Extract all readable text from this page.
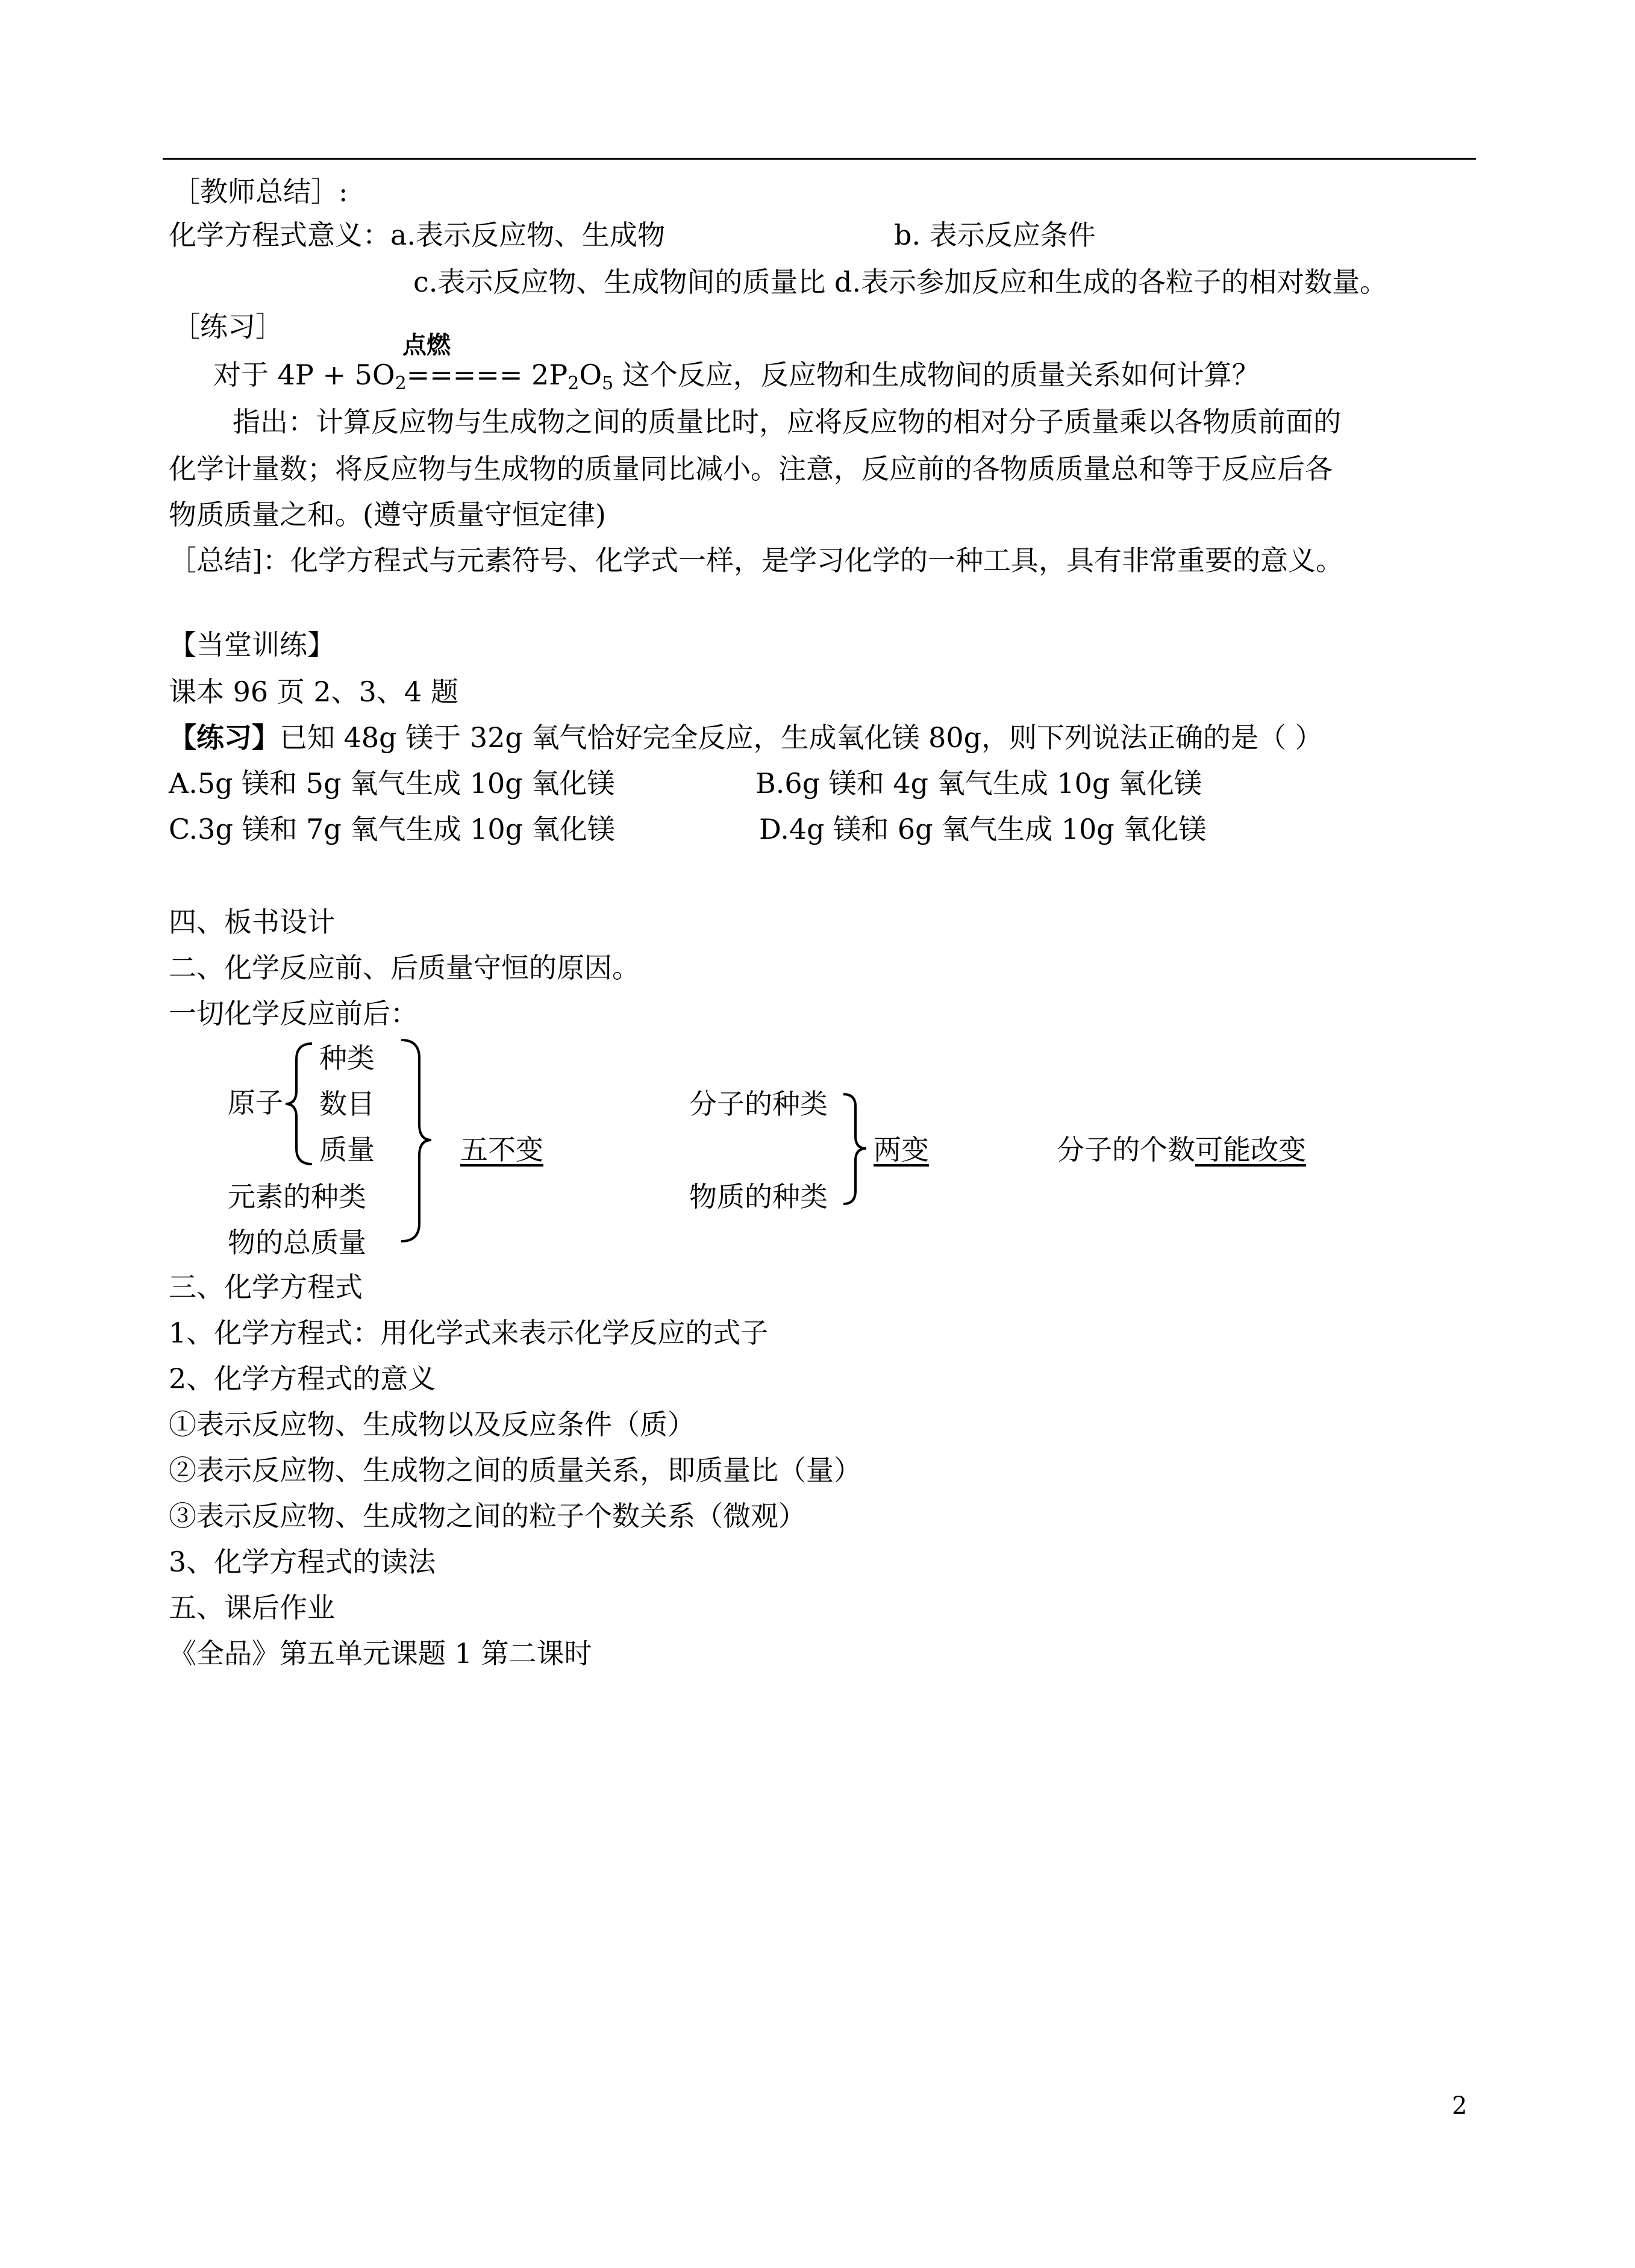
［教师总结］:
化学方程式意义：a.表示反应物、生成物	b. 表示反应条件
c.表示反应物、生成物间的质量比 d.表示参加反应和生成的各粒子的相对数量。
［练习］
点燃
对于 $4P + 5O_2===== 2P_2O_5$ 这个反应，反应物和生成物间的质量关系如何计算？
指出：计算反应物与生成物之间的质量比时，应将反应物的相对分子质量乘以各物质前面的
化学计量数；将反应物与生成物的质量同比减小。注意，反应前的各物质质量总和等于反应后各
物质质量之和。(遵守质量守恒定律)
［总结]：化学方程式与元素符号、化学式一样，是学习化学的一种工具，具有非常重要的意义。
【当堂训练】
课本 96 页 2、3、4 题
【练习】已知 48g 镁于 32g 氧气恰好完全反应，生成氧化镁 80g，则下列说法正确的是（ ）
A.5g 镁和 5g 氧气生成 10g 氧化镁	B.6g 镁和 4g 氧气生成 10g 氧化镁
C.3g 镁和 7g 氧气生成 10g 氧化镁	D.4g 镁和 6g 氧气生成 10g 氧化镁
四、板书设计
二、化学反应前、后质量守恒的原因。
一切化学反应前后：
原子
种类
数目
质量
元素的种类
物的总质量
五不变
分子的种类
物质的种类
两变	分子的个数可能改变
三、化学方程式
1、化学方程式：用化学式来表示化学反应的式子
2、化学方程式的意义
①表示反应物、生成物以及反应条件（质）
②表示反应物、生成物之间的质量关系，即质量比（量）
③表示反应物、生成物之间的粒子个数关系（微观）
3、化学方程式的读法
五、课后作业
《全品》第五单元课题 1 第二课时
2
